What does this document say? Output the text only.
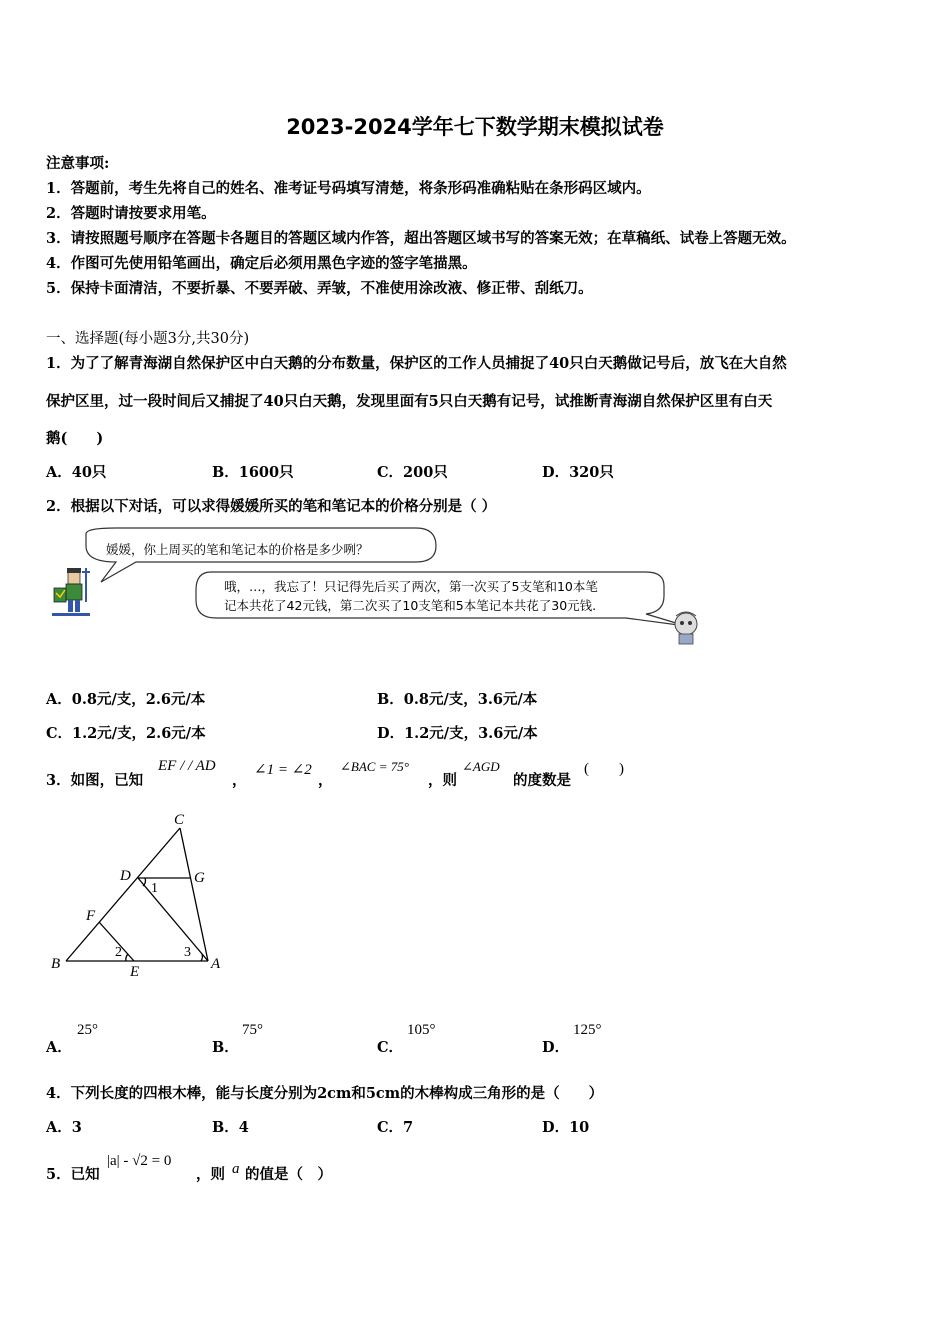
2023-2024学年七下数学期末模拟试卷
注意事项:
1．答题前，考生先将自己的姓名、准考证号码填写清楚，将条形码准确粘贴在条形码区域内。
2．答题时请按要求用笔。
3．请按照题号顺序在答题卡各题目的答题区域内作答，超出答题区域书写的答案无效；在草稿纸、试卷上答题无效。
4．作图可先使用铅笔画出，确定后必须用黑色字迹的签字笔描黑。
5．保持卡面清洁，不要折暴、不要弄破、弄皱，不准使用涂改液、修正带、刮纸刀。
一、选择题(每小题3分,共30分)
1．为了了解青海湖自然保护区中白天鹅的分布数量，保护区的工作人员捕捉了40只白天鹅做记号后，放飞在大自然
保护区里，过一段时间后又捕捉了40只白天鹅，发现里面有5只白天鹅有记号，试推断青海湖自然保护区里有白天
鹅(　　)
A．40只	B．1600只	C．200只	D．320只
2．根据以下对话，可以求得媛媛所买的笔和笔记本的价格分别是（ ）
媛媛，你上周买的笔和笔记本的价格是多少咧？
哦，…，我忘了！只记得先后买了两次，第一次买了5支笔和10本笔
记本共花了42元钱，第二次买了10支笔和5本笔记本共花了30元钱.
A．0.8元/支，2.6元/本	B．0.8元/支，3.6元/本
C．1.2元/支，2.6元/本	D．1.2元/支，3.6元/本
3．如图，已知
EF / / AD
，
∠1 = ∠2
，
∠BAC = 75°
，则
∠AGD
的度数是
(　　)
C
D	G
F
B	E	A
1
2	3
A．
25°
B．
75°
C．
105°
D．
125°
4．下列长度的四根木棒，能与长度分别为2cm和5cm的木棒构成三角形的是（　　）
A．3	B．4	C．7	D．10
5．已知
|a| - √2 = 0
，则 a 的值是（　）
